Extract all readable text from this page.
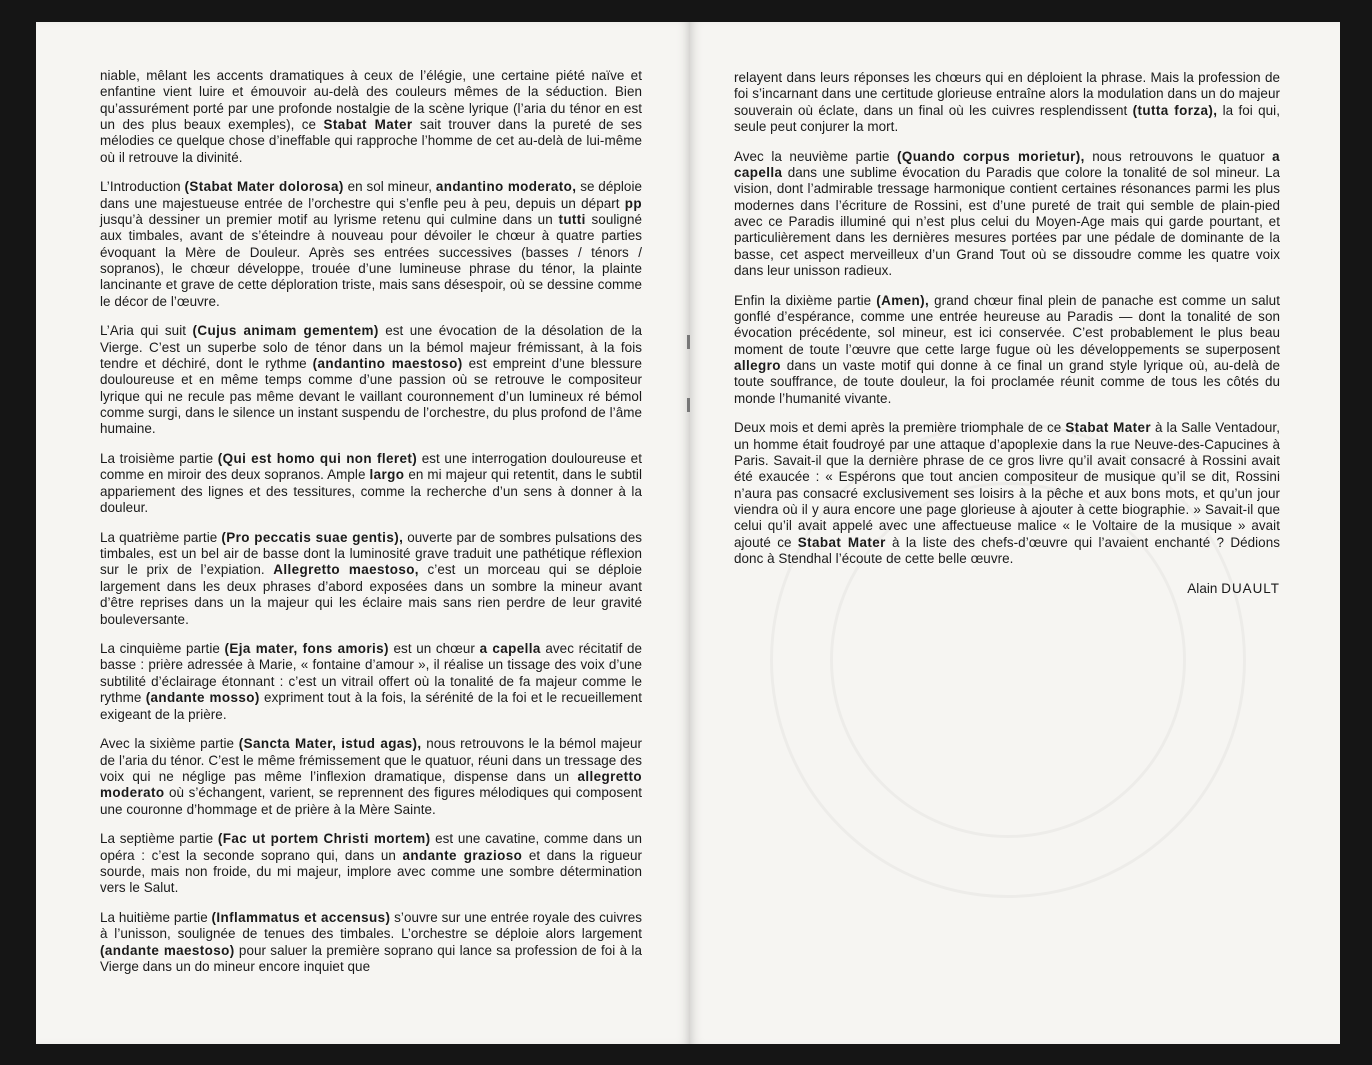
niable, mêlant les accents dramatiques à ceux de l’élégie, une certaine piété naïve et enfantine vient luire et émouvoir au-delà des couleurs mêmes de la séduction. Bien qu’assurément porté par une profonde nostalgie de la scène lyrique (l’aria du ténor en est un des plus beaux exemples), ce Stabat Mater sait trouver dans la pureté de ses mélodies ce quelque chose d’ineffable qui rapproche l’homme de cet au-delà de lui-même où il retrouve la divinité.

L’Introduction (Stabat Mater dolorosa) en sol mineur, andantino moderato, se déploie dans une majestueuse entrée de l’orchestre qui s’enfle peu à peu, depuis un départ pp jusqu’à dessiner un premier motif au lyrisme retenu qui culmine dans un tutti souligné aux timbales, avant de s’éteindre à nouveau pour dévoiler le chœur à quatre parties évoquant la Mère de Douleur. Après ses entrées successives (basses / ténors / sopranos), le chœur développe, trouée d’une lumineuse phrase du ténor, la plainte lancinante et grave de cette déploration triste, mais sans désespoir, où se dessine comme le décor de l’œuvre.

L’Aria qui suit (Cujus animam gementem) est une évocation de la désolation de la Vierge. C’est un superbe solo de ténor dans un la bémol majeur frémissant, à la fois tendre et déchiré, dont le rythme (andantino maestoso) est empreint d’une blessure douloureuse et en même temps comme d’une passion où se retrouve le compositeur lyrique qui ne recule pas même devant le vaillant couronnement d’un lumineux ré bémol comme surgi, dans le silence un instant suspendu de l’orchestre, du plus profond de l’âme humaine.

La troisième partie (Qui est homo qui non fleret) est une interrogation douloureuse et comme en miroir des deux sopranos. Ample largo en mi majeur qui retentit, dans le subtil appariement des lignes et des tessitures, comme la recherche d’un sens à donner à la douleur.

La quatrième partie (Pro peccatis suae gentis), ouverte par de sombres pulsations des timbales, est un bel air de basse dont la luminosité grave traduit une pathétique réflexion sur le prix de l’expiation. Allegretto maestoso, c’est un morceau qui se déploie largement dans les deux phrases d’abord exposées dans un sombre la mineur avant d’être reprises dans un la majeur qui les éclaire mais sans rien perdre de leur gravité bouleversante.

La cinquième partie (Eja mater, fons amoris) est un chœur a capella avec récitatif de basse : prière adressée à Marie, « fontaine d’amour », il réalise un tissage des voix d’une subtilité d’éclairage étonnant : c’est un vitrail offert où la tonalité de fa majeur comme le rythme (andante mosso) expriment tout à la fois, la sérénité de la foi et le recueillement exigeant de la prière.

Avec la sixième partie (Sancta Mater, istud agas), nous retrouvons le la bémol majeur de l’aria du ténor. C’est le même frémissement que le quatuor, réuni dans un tressage des voix qui ne néglige pas même l’inflexion dramatique, dispense dans un allegretto moderato où s’échangent, varient, se reprennent des figures mélodiques qui composent une couronne d’hommage et de prière à la Mère Sainte.

La septième partie (Fac ut portem Christi mortem) est une cavatine, comme dans un opéra : c’est la seconde soprano qui, dans un andante grazioso et dans la rigueur sourde, mais non froide, du mi majeur, implore avec comme une sombre détermination vers le Salut.

La huitième partie (Inflammatus et accensus) s’ouvre sur une entrée royale des cuivres à l’unisson, soulignée de tenues des timbales. L’orchestre se déploie alors largement (andante maestoso) pour saluer la première soprano qui lance sa profession de foi à la Vierge dans un do mineur encore inquiet que

relayent dans leurs réponses les chœurs qui en déploient la phrase. Mais la profession de foi s’incarnant dans une certitude glorieuse entraîne alors la modulation dans un do majeur souverain où éclate, dans un final où les cuivres resplendissent (tutta forza), la foi qui, seule peut conjurer la mort.

Avec la neuvième partie (Quando corpus morietur), nous retrouvons le quatuor a capella dans une sublime évocation du Paradis que colore la tonalité de sol mineur. La vision, dont l’admirable tressage harmonique contient certaines résonances parmi les plus modernes dans l’écriture de Rossini, est d’une pureté de trait qui semble de plain-pied avec ce Paradis illuminé qui n’est plus celui du Moyen-Age mais qui garde pourtant, et particulièrement dans les dernières mesures portées par une pédale de dominante de la basse, cet aspect merveilleux d’un Grand Tout où se dissoudre comme les quatre voix dans leur unisson radieux.

Enfin la dixième partie (Amen), grand chœur final plein de panache est comme un salut gonflé d’espérance, comme une entrée heureuse au Paradis — dont la tonalité de son évocation précédente, sol mineur, est ici conservée. C’est probablement le plus beau moment de toute l’œuvre que cette large fugue où les développements se superposent allegro dans un vaste motif qui donne à ce final un grand style lyrique où, au-delà de toute souffrance, de toute douleur, la foi proclamée réunit comme de tous les côtés du monde l’humanité vivante.

Deux mois et demi après la première triomphale de ce Stabat Mater à la Salle Ventadour, un homme était foudroyé par une attaque d’apoplexie dans la rue Neuve-des-Capucines à Paris. Savait-il que la dernière phrase de ce gros livre qu’il avait consacré à Rossini avait été exaucée : « Espérons que tout ancien compositeur de musique qu’il se dit, Rossini n’aura pas consacré exclusivement ses loisirs à la pêche et aux bons mots, et qu’un jour viendra où il y aura encore une page glorieuse à ajouter à cette biographie. » Savait-il que celui qu’il avait appelé avec une affectueuse malice « le Voltaire de la musique » avait ajouté ce Stabat Mater à la liste des chefs-d’œuvre qui l’avaient enchanté ? Dédions donc à Stendhal l’écoute de cette belle œuvre.

Alain DUAULT
